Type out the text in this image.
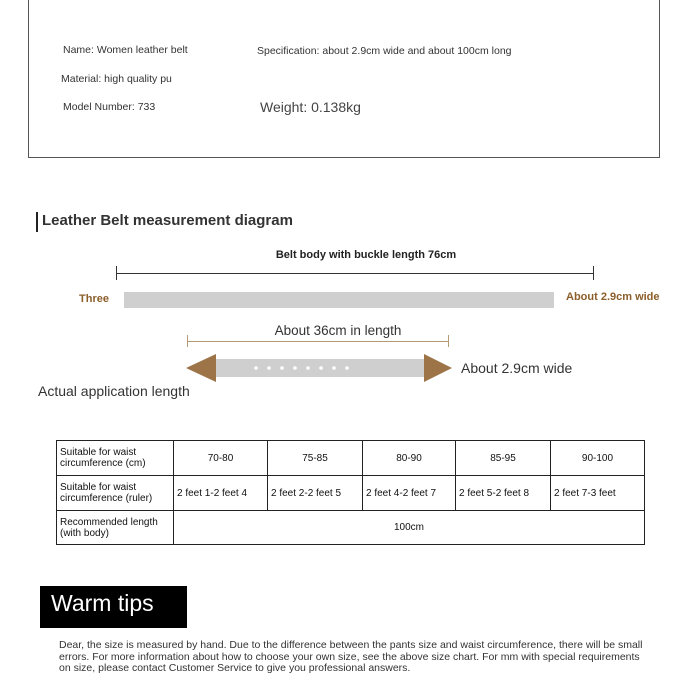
Name: Women leather belt
Material: high quality pu
Model Number: 733
Specification: about 2.9cm wide and about 100cm long
Weight: 0.138kg
Leather Belt measurement diagram
Belt body with buckle length 76cm
Three	About 2.9cm wide
About 36cm in length
About 2.9cm wide
Actual application length
Suitable for waist circumference (cm)	70-80	75-85	80-90	85-95	90-100
Suitable for waist circumference (ruler)	2 feet 1-2 feet 4	2 feet 2-2 feet 5	2 feet 4-2 feet 7	2 feet 5-2 feet 8	2 feet 7-3 feet
Recommended length (with body)	100cm				
Warm tips
Dear, the size is measured by hand. Due to the difference between the pants size and waist circumference, there will be small errors. For more information about how to choose your own size, see the above size chart. For mm with special requirements on size, please contact Customer Service to give you professional answers.
